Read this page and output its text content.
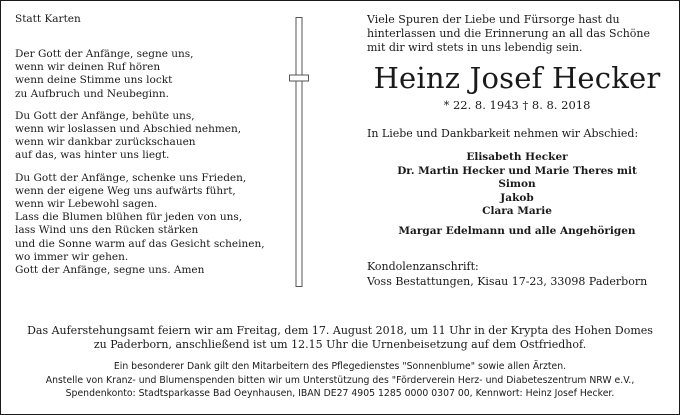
Statt Karten
Der Gott der Anfänge, segne uns,
wenn wir deinen Ruf hören
wenn deine Stimme uns lockt
zu Aufbruch und Neubeginn.
Du Gott der Anfänge, behüte uns,
wenn wir loslassen und Abschied nehmen,
wenn wir dankbar zurückschauen
auf das, was hinter uns liegt.
Du Gott der Anfänge, schenke uns Frieden,
wenn der eigene Weg uns aufwärts führt,
wenn wir Lebewohl sagen.
Lass die Blumen blühen für jeden von uns,
lass Wind uns den Rücken stärken
und die Sonne warm auf das Gesicht scheinen,
wo immer wir gehen.
Gott der Anfänge, segne uns. Amen
Viele Spuren der Liebe und Fürsorge hast du
hinterlassen und die Erinnerung an all das Schöne
mit dir wird stets in uns lebendig sein.
Heinz Josef Hecker
* 22. 8. 1943 † 8. 8. 2018
In Liebe und Dankbarkeit nehmen wir Abschied:
Elisabeth Hecker
Dr. Martin Hecker und Marie Theres mit
Simon
Jakob
Clara Marie
Margar Edelmann und alle Angehörigen
Kondolenzanschrift:
Voss Bestattungen, Kisau 17-23, 33098 Paderborn
Das Auferstehungsamt feiern wir am Freitag, dem 17. August 2018, um 11 Uhr in der Krypta des Hohen Domes
zu Paderborn, anschließend ist um 12.15 Uhr die Urnenbeisetzung auf dem Ostfriedhof.
Ein besonderer Dank gilt den Mitarbeitern des Pflegedienstes "Sonnenblume" sowie allen Ärzten.
Anstelle von Kranz- und Blumenspenden bitten wir um Unterstützung des "Förderverein Herz- und Diabeteszentrum NRW e.V.,
Spendenkonto: Stadtsparkasse Bad Oeynhausen, IBAN DE27 4905 1285 0000 0307 00, Kennwort: Heinz Josef Hecker.
